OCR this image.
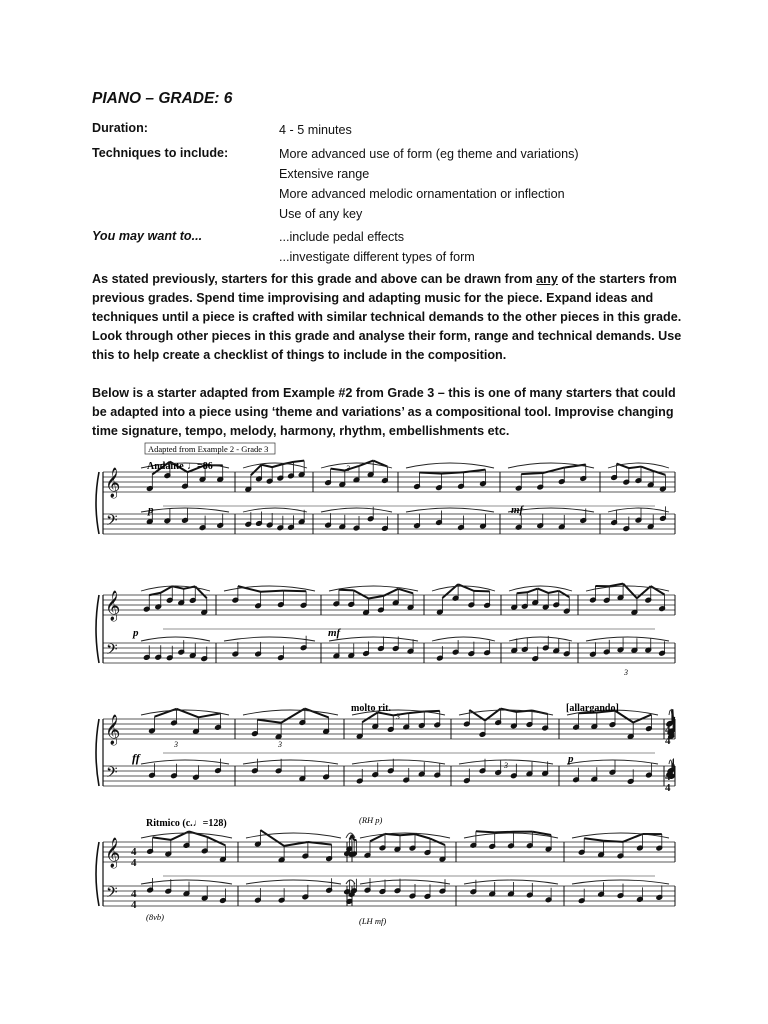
PIANO – GRADE: 6
Duration:	4 - 5 minutes
Techniques to include:	More advanced use of form (eg theme and variations)
Extensive range
More advanced melodic ornamentation or inflection
Use of any key
You may want to...	...include pedal effects
...investigate different types of form
As stated previously, starters for this grade and above can be drawn from any of the starters from previous grades. Spend time improvising and adapting music for the piece. Expand ideas and techniques until a piece is crafted with similar technical demands to the other pieces in this grade. Look through other pieces in this grade and analyse their form, range and technical demands. Use this to help create a checklist of things to include in the composition.
Below is a starter adapted from Example #2 from Grade 3 – this is one of many starters that could be adapted into a piece using ‘theme and variations’ as a compositional tool. Improvise changing time signature, tempo, melody, harmony, rhythm, embellishments etc.
𝄞
𝄢
𝄞
𝄢
𝄞
𝄢
𝄞
𝄢
Adapted from Example 2 - Grade 3
Andante ♩=86
p	mf
p	mf
ff
molto rit.	[allargando]
p
Ritmico (c.♩=128)	(RH p)
(LH mf)
(8vb)
3
3
3	3
3
3
4
4
4
4
4
4
4
4
